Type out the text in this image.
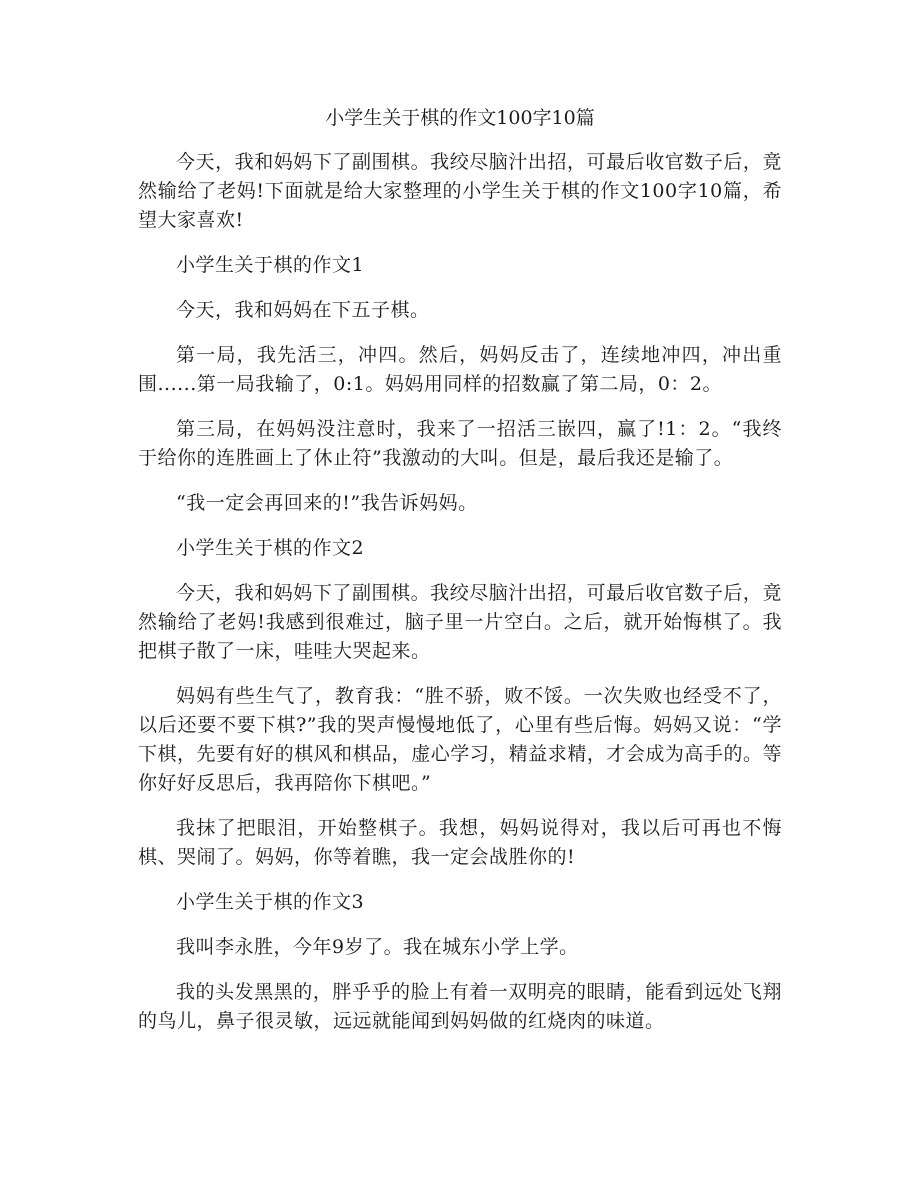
小学生关于棋的作文100字10篇

今天，我和妈妈下了副围棋。我绞尽脑汁出招，可最后收官数子后，竟然输给了老妈!下面就是给大家整理的小学生关于棋的作文100字10篇，希望大家喜欢!

小学生关于棋的作文1

今天，我和妈妈在下五子棋。

第一局，我先活三，冲四。然后，妈妈反击了，连续地冲四，冲出重围......第一局我输了，0:1。妈妈用同样的招数赢了第二局，0：2。

第三局，在妈妈没注意时，我来了一招活三嵌四，赢了!1：2。“我终于给你的连胜画上了休止符”我激动的大叫。但是，最后我还是输了。

“我一定会再回来的!”我告诉妈妈。

小学生关于棋的作文2

今天，我和妈妈下了副围棋。我绞尽脑汁出招，可最后收官数子后，竟然输给了老妈!我感到很难过，脑子里一片空白。之后，就开始悔棋了。我把棋子散了一床，哇哇大哭起来。

妈妈有些生气了，教育我：“胜不骄，败不馁。一次失败也经受不了，以后还要不要下棋?”我的哭声慢慢地低了，心里有些后悔。妈妈又说：“学下棋，先要有好的棋风和棋品，虚心学习，精益求精，才会成为高手的。等你好好反思后，我再陪你下棋吧。”

我抹了把眼泪，开始整棋子。我想，妈妈说得对，我以后可再也不悔棋、哭闹了。妈妈，你等着瞧，我一定会战胜你的!

小学生关于棋的作文3

我叫李永胜，今年9岁了。我在城东小学上学。

我的头发黑黑的，胖乎乎的脸上有着一双明亮的眼睛，能看到远处飞翔的鸟儿，鼻子很灵敏，远远就能闻到妈妈做的红烧肉的味道。
